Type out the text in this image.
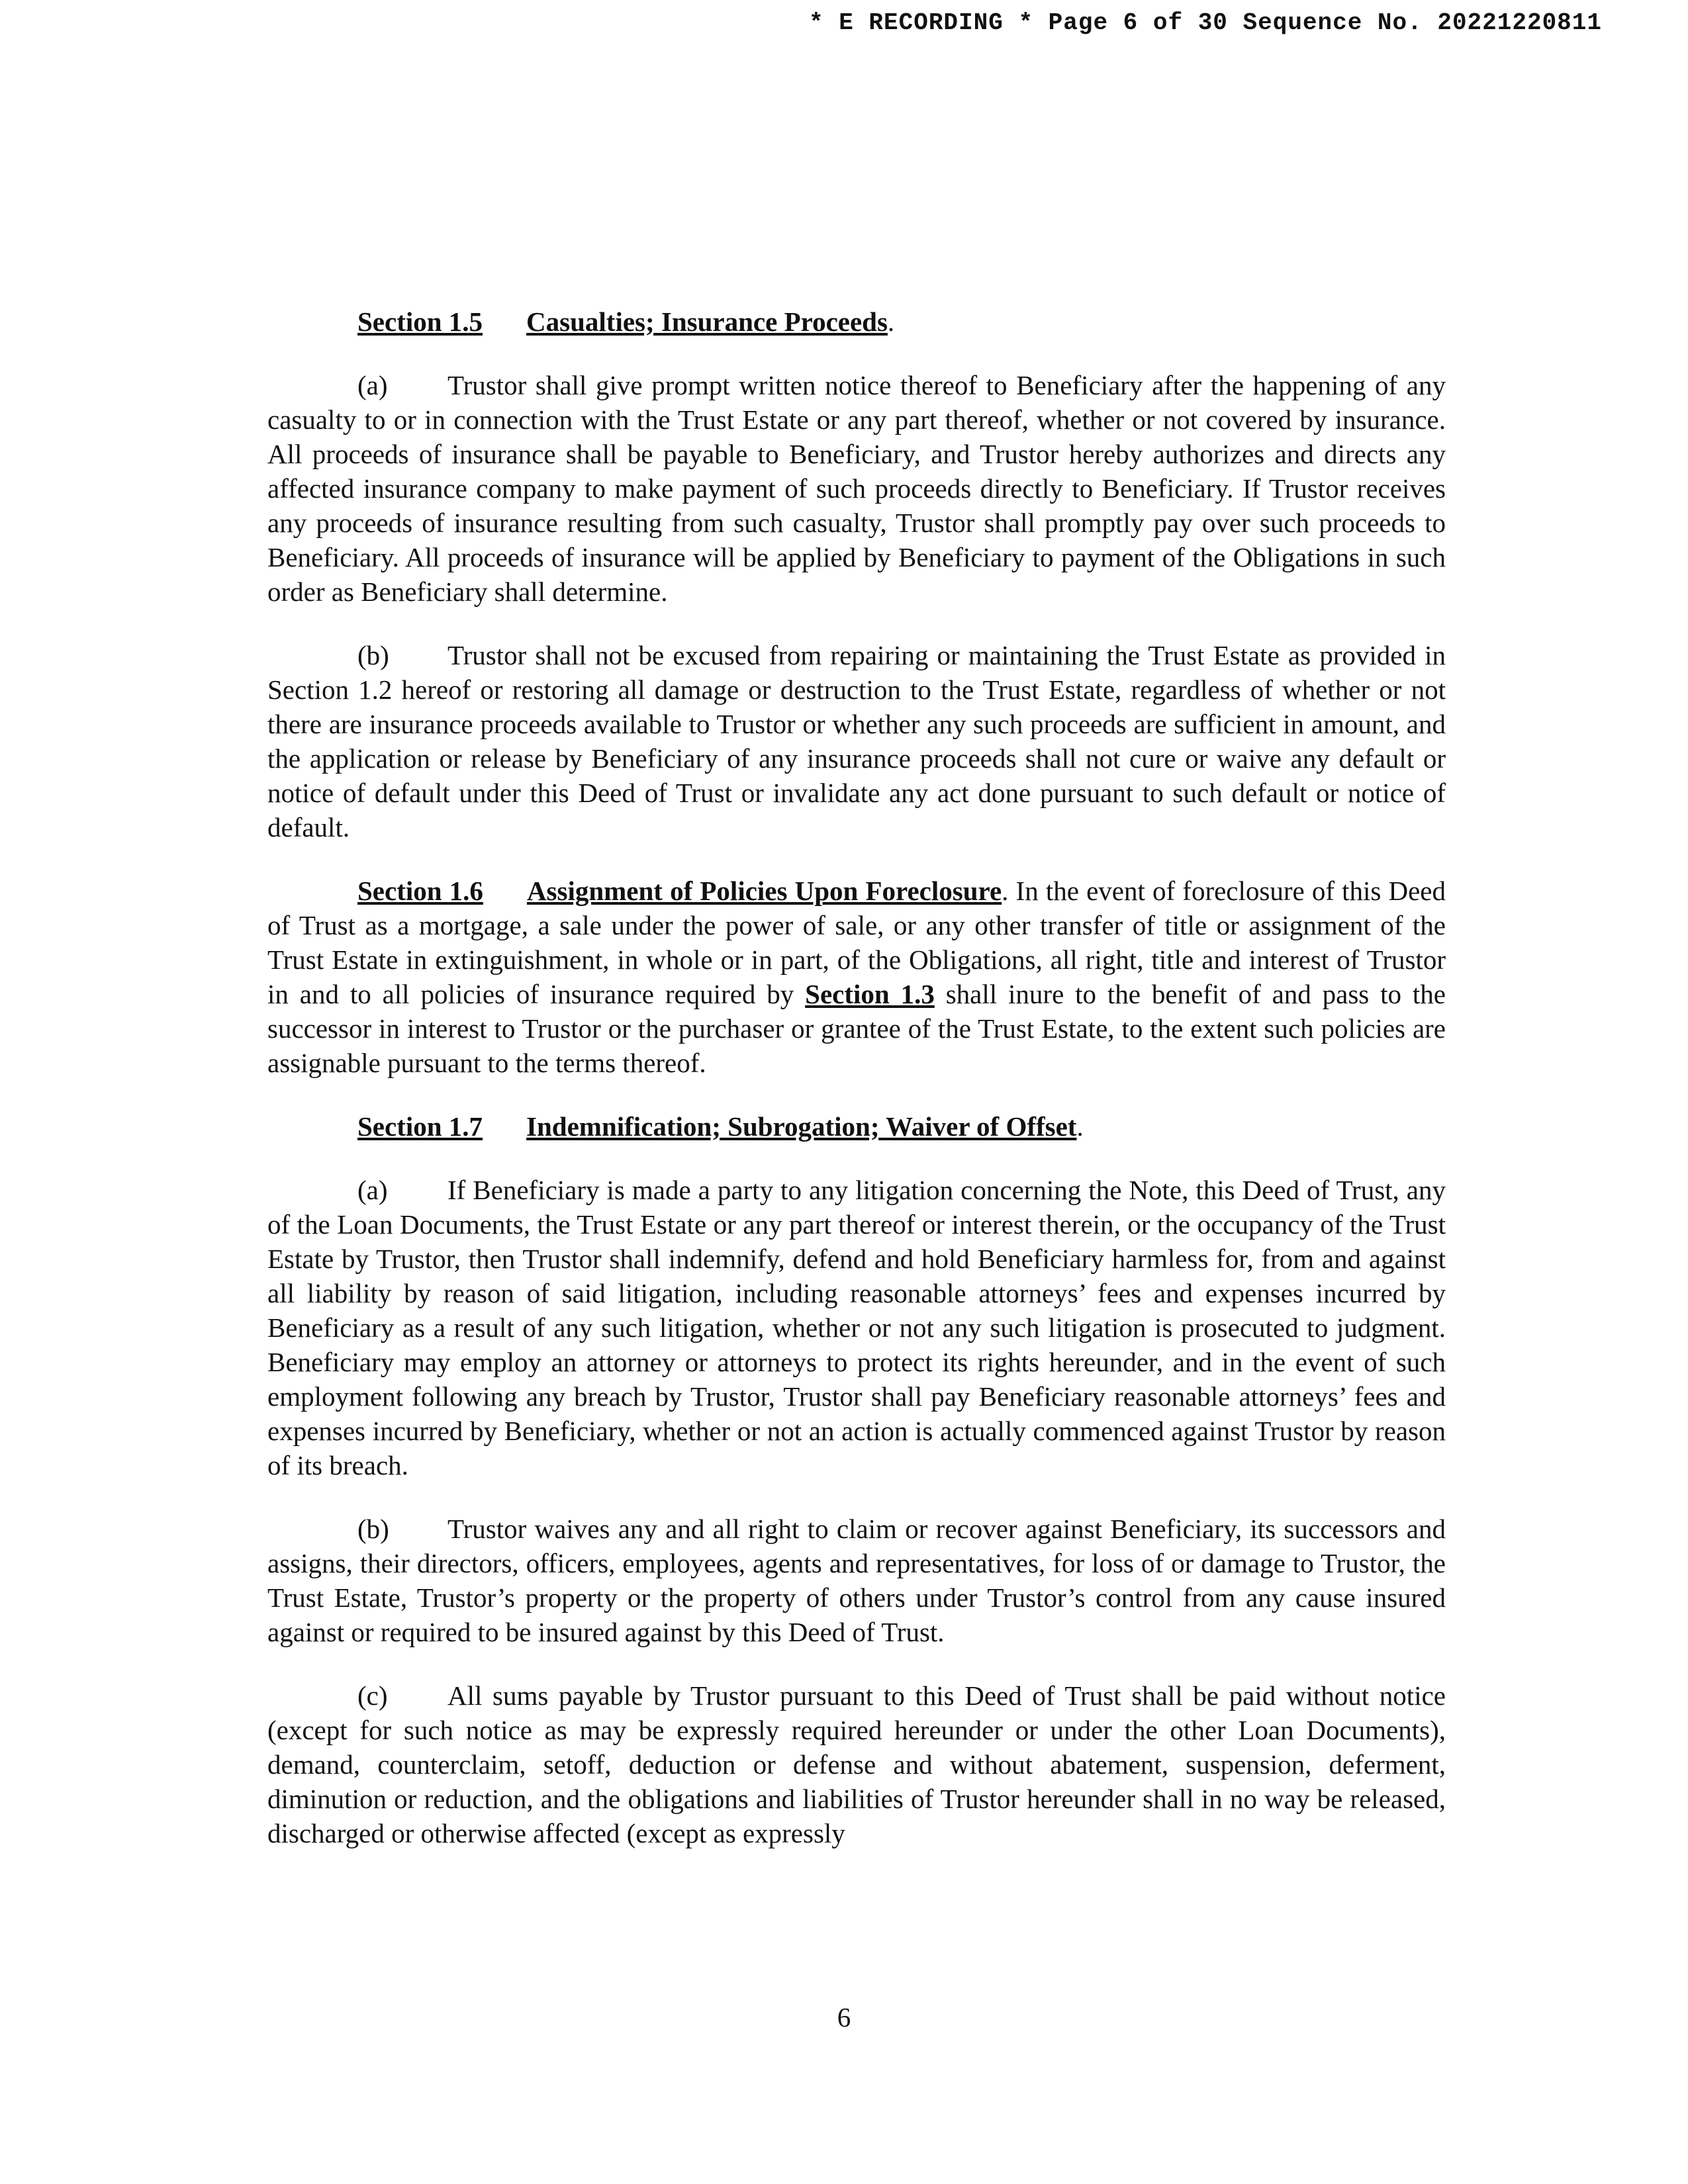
* E RECORDING * Page 6 of 30 Sequence No. 20221220811
Section 1.5 Casualties; Insurance Proceeds.

(a) Trustor shall give prompt written notice thereof to Beneficiary after the happening of any casualty to or in connection with the Trust Estate or any part thereof, whether or not covered by insurance. All proceeds of insurance shall be payable to Beneficiary, and Trustor hereby authorizes and directs any affected insurance company to make payment of such proceeds directly to Beneficiary. If Trustor receives any proceeds of insurance resulting from such casualty, Trustor shall promptly pay over such proceeds to Beneficiary. All proceeds of insurance will be applied by Beneficiary to payment of the Obligations in such order as Beneficiary shall determine.

(b) Trustor shall not be excused from repairing or maintaining the Trust Estate as provided in Section 1.2 hereof or restoring all damage or destruction to the Trust Estate, regardless of whether or not there are insurance proceeds available to Trustor or whether any such proceeds are sufficient in amount, and the application or release by Beneficiary of any insurance proceeds shall not cure or waive any default or notice of default under this Deed of Trust or invalidate any act done pursuant to such default or notice of default.

Section 1.6 Assignment of Policies Upon Foreclosure. In the event of foreclosure of this Deed of Trust as a mortgage, a sale under the power of sale, or any other transfer of title or assignment of the Trust Estate in extinguishment, in whole or in part, of the Obligations, all right, title and interest of Trustor in and to all policies of insurance required by Section 1.3 shall inure to the benefit of and pass to the successor in interest to Trustor or the purchaser or grantee of the Trust Estate, to the extent such policies are assignable pursuant to the terms thereof.

Section 1.7 Indemnification; Subrogation; Waiver of Offset.

(a) If Beneficiary is made a party to any litigation concerning the Note, this Deed of Trust, any of the Loan Documents, the Trust Estate or any part thereof or interest therein, or the occupancy of the Trust Estate by Trustor, then Trustor shall indemnify, defend and hold Beneficiary harmless for, from and against all liability by reason of said litigation, including reasonable attorneys’ fees and expenses incurred by Beneficiary as a result of any such litigation, whether or not any such litigation is prosecuted to judgment. Beneficiary may employ an attorney or attorneys to protect its rights hereunder, and in the event of such employment following any breach by Trustor, Trustor shall pay Beneficiary reasonable attorneys’ fees and expenses incurred by Beneficiary, whether or not an action is actually commenced against Trustor by reason of its breach.

(b) Trustor waives any and all right to claim or recover against Beneficiary, its successors and assigns, their directors, officers, employees, agents and representatives, for loss of or damage to Trustor, the Trust Estate, Trustor’s property or the property of others under Trustor’s control from any cause insured against or required to be insured against by this Deed of Trust.

(c) All sums payable by Trustor pursuant to this Deed of Trust shall be paid without notice (except for such notice as may be expressly required hereunder or under the other Loan Documents), demand, counterclaim, setoff, deduction or defense and without abatement, suspension, deferment, diminution or reduction, and the obligations and liabilities of Trustor hereunder shall in no way be released, discharged or otherwise affected (except as expressly

6
